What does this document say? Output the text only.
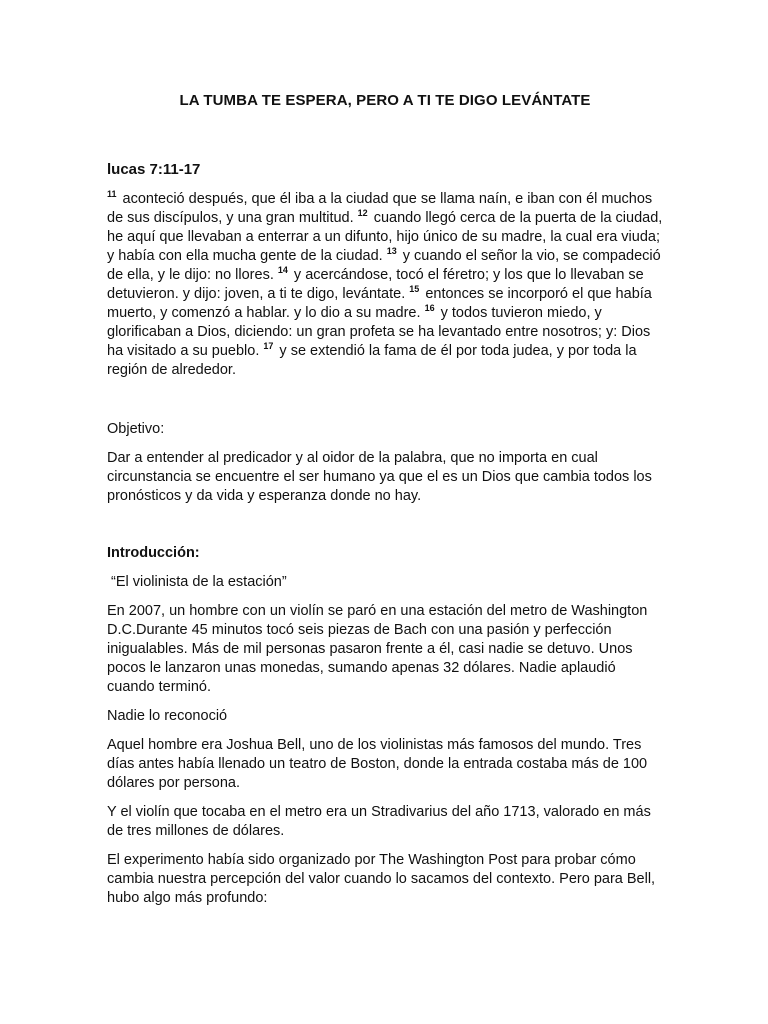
LA TUMBA TE ESPERA, PERO A TI TE DIGO LEVÁNTATE
lucas 7:11-17
$^{11}$ aconteció después, que él iba a la ciudad que se llama naín, e iban con él muchos de sus discípulos, y una gran multitud. $^{12}$ cuando llegó cerca de la puerta de la ciudad, he aquí que llevaban a enterrar a un difunto, hijo único de su madre, la cual era viuda; y había con ella mucha gente de la ciudad. $^{13}$ y cuando el señor la vio, se compadeció de ella, y le dijo: no llores. $^{14}$ y acercándose, tocó el féretro; y los que lo llevaban se detuvieron. y dijo: joven, a ti te digo, levántate. $^{15}$ entonces se incorporó el que había muerto, y comenzó a hablar. y lo dio a su madre. $^{16}$ y todos tuvieron miedo, y glorificaban a Dios, diciendo: un gran profeta se ha levantado entre nosotros; y: Dios ha visitado a su pueblo. $^{17}$ y se extendió la fama de él por toda judea, y por toda la región de alrededor.
Objetivo:
Dar a entender al predicador y al oidor de la palabra, que no importa en cual circunstancia se encuentre el ser humano ya que el es un Dios que cambia todos los pronósticos y da vida y esperanza donde no hay.
Introducción:
“El violinista de la estación”
En 2007, un hombre con un violín se paró en una estación del metro de Washington D.C.Durante 45 minutos tocó seis piezas de Bach con una pasión y perfección inigualables. Más de mil personas pasaron frente a él, casi nadie se detuvo. Unos pocos le lanzaron unas monedas, sumando apenas 32 dólares. Nadie aplaudió cuando terminó.
Nadie lo reconoció
Aquel hombre era Joshua Bell, uno de los violinistas más famosos del mundo. Tres días antes había llenado un teatro de Boston, donde la entrada costaba más de 100 dólares por persona.
Y el violín que tocaba en el metro era un Stradivarius del año 1713, valorado en más de tres millones de dólares.
El experimento había sido organizado por The Washington Post para probar cómo cambia nuestra percepción del valor cuando lo sacamos del contexto. Pero para Bell, hubo algo más profundo:
